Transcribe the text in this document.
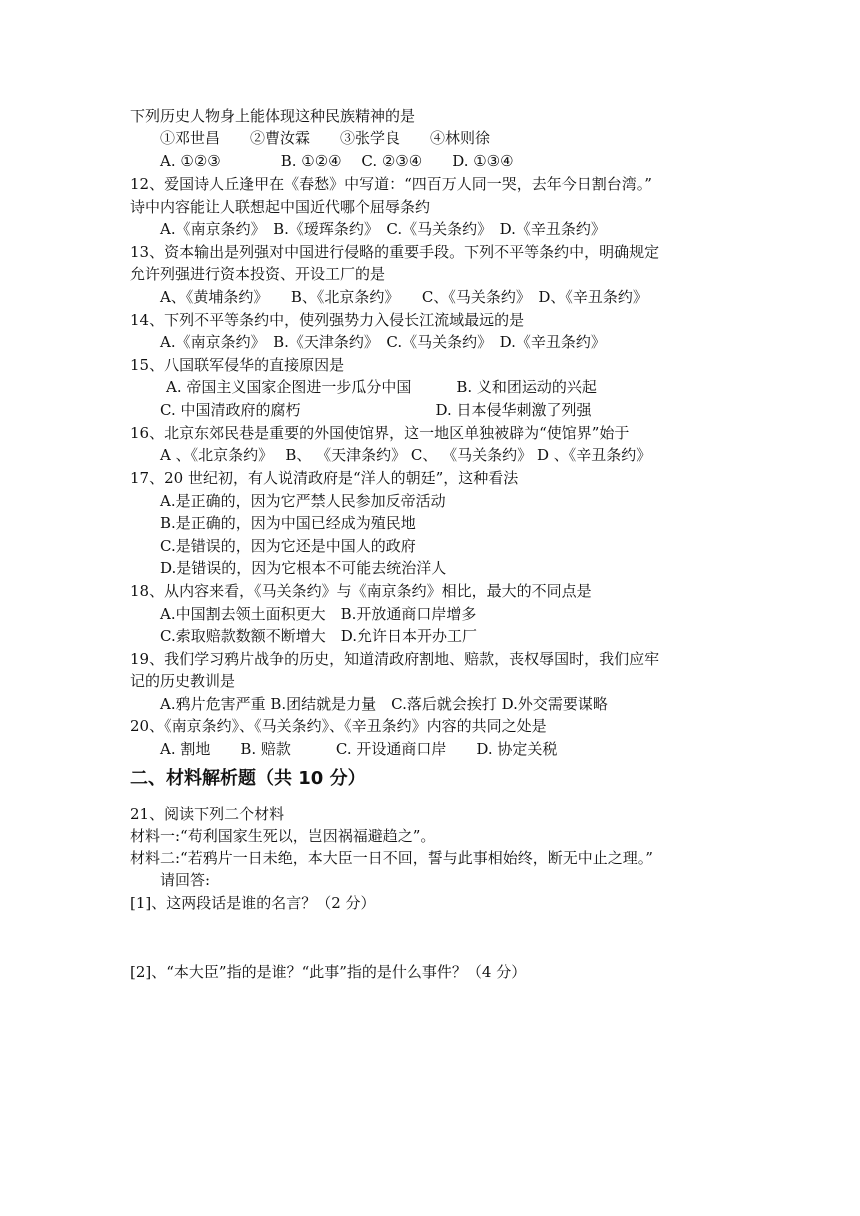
下列历史人物身上能体现这种民族精神的是
①邓世昌　　②曹汝霖　　③张学良　　④林则徐
A. ①②③　　　　B. ①②④　 C. ②③④　　D. ①③④
12、爱国诗人丘逢甲在《春愁》中写道：“四百万人同一哭，去年今日割台湾。”
诗中内容能让人联想起中国近代哪个屈辱条约
A.《南京条约》　B.《瑷珲条约》　C.《马关条约》　D.《辛丑条约》
13、资本输出是列强对中国进行侵略的重要手段。下列不平等条约中，明确规定
允许列强进行资本投资、开设工厂的是
A、《黄埔条约》　　B、《北京条约》　　C、《马关条约》　D、《辛丑条约》
14、下列不平等条约中，使列强势力入侵长江流域最远的是
A.《南京条约》　B.《天津条约》　C.《马关条约》　D.《辛丑条约》
15、八国联军侵华的直接原因是
A. 帝国主义国家企图进一步瓜分中国　　　B. 义和团运动的兴起
C. 中国清政府的腐朽　　　　　　　　　D. 日本侵华刺激了列强
16、北京东郊民巷是重要的外国使馆界，这一地区单独被辟为“使馆界”始于
A 、《北京条约》　 B、 《天津条约》 C、 《马关条约》 D 、《辛丑条约》
17、20 世纪初，有人说清政府是“洋人的朝廷”，这种看法
A.是正确的，因为它严禁人民参加反帝活动
B.是正确的，因为中国已经成为殖民地
C.是错误的，因为它还是中国人的政府
D.是错误的，因为它根本不可能去统治洋人
18、从内容来看，《马关条约》与《南京条约》相比，最大的不同点是
A.中国割去领土面积更大　B.开放通商口岸增多
C.索取赔款数额不断增大　D.允许日本开办工厂
19、我们学习鸦片战争的历史，知道清政府割地、赔款，丧权辱国时，我们应牢
记的历史教训是
A.鸦片危害严重 B.团结就是力量　C.落后就会挨打 D.外交需要谋略
20、《南京条约》、《马关条约》、《辛丑条约》内容的共同之处是
A. 割地　　B. 赔款　　　C. 开设通商口岸　　D. 协定关税
二、材料解析题（共 10 分）
21、阅读下列二个材料
材料一:“苟利国家生死以，岂因祸福避趋之”。
材料二:“若鸦片一日未绝，本大臣一日不回，誓与此事相始终，断无中止之理。”
请回答:
[1]、这两段话是谁的名言？（2 分）
[2]、“本大臣”指的是谁？“此事”指的是什么事件？（4 分）
